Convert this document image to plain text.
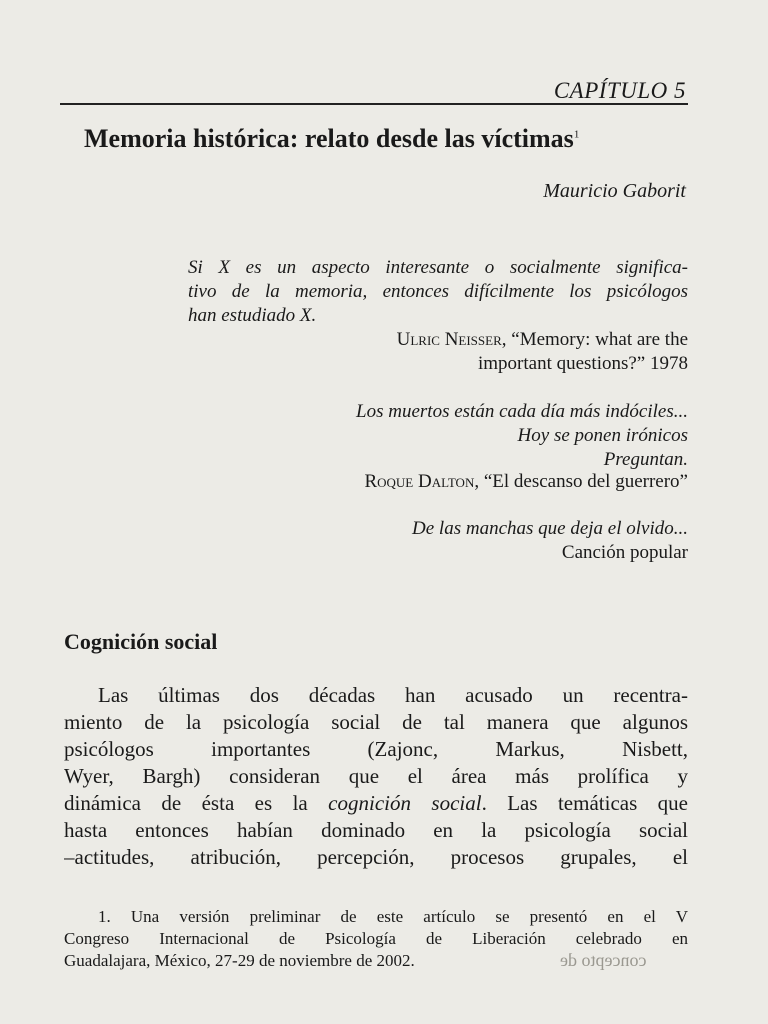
CAPÍTULO 5
Memoria histórica: relato desde las víctimas$^1$
Mauricio Gaborit
Si X es un aspecto interesante o socialmente significa-
tivo de la memoria, entonces difícilmente los psicólogos
han estudiado X.
Ulric Neisser, “Memory: what are the
important questions?” 1978
Los muertos están cada día más indóciles...
Hoy se ponen irónicos
Preguntan.
Roque Dalton, “El descanso del guerrero”
De las manchas que deja el olvido...
Canción popular
Cognición social
Las últimas dos décadas han acusado un recentra-
miento de la psicología social de tal manera que algunos
psicólogos importantes (Zajonc, Markus, Nisbett,
Wyer, Bargh) consideran que el área más prolífica y
dinámica de ésta es la cognición social. Las temáticas que
hasta entonces habían dominado en la psicología social
–actitudes, atribución, percepción, procesos grupales, el
1. Una versión preliminar de este artículo se presentó en el V
Congreso Internacional de Psicología de Liberación celebrado en
Guadalajara, México, 27-29 de noviembre de 2002.	concepto de
